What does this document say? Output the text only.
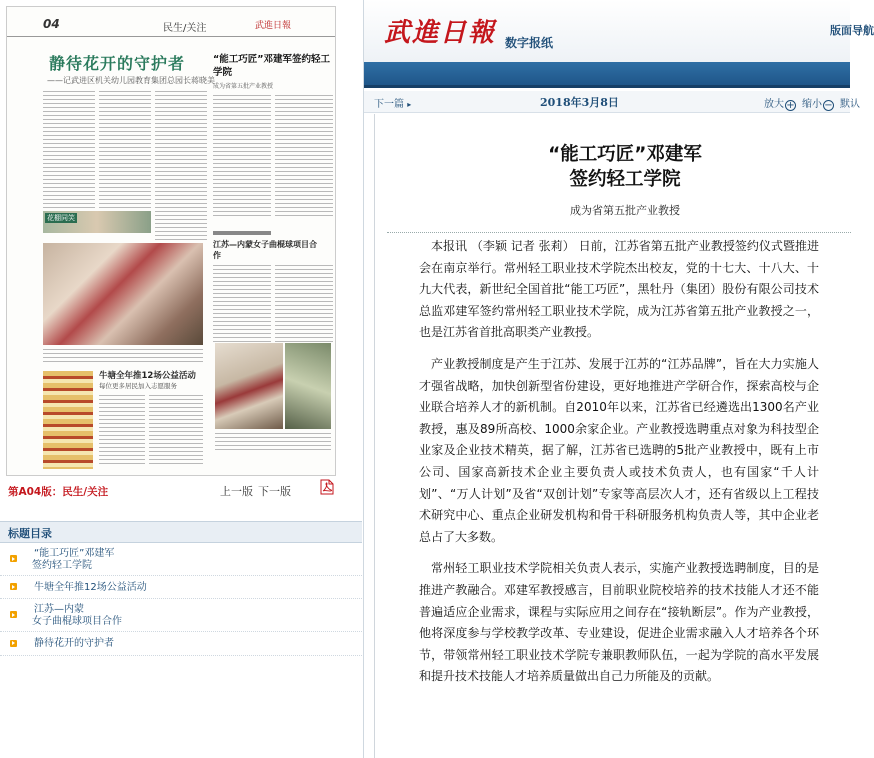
04	民生/关注	武進日報
静待花开的守护者
——记武进区机关幼儿园教育集团总园长蒋晓美
“能工巧匠”邓建军签约轻工学院
成为省第五批产业教授
花棚同笑
江苏—内蒙女子曲棍球项目合作
牛塘全年推12场公益活动
每位更多居民加入志愿服务
第A04版：民生/关注	上一版 下一版
标题目录
“能工巧匠”邓建军
签约轻工学院
牛塘全年推12场公益活动
江苏—内蒙
女子曲棍球项目合作
静待花开的守护者
武進日報 数字报纸
版面导航
下一篇 ▸	2018年3月8日	放大 + 缩小 − 默认
“能工巧匠”邓建军
签约轻工学院
成为省第五批产业教授

本报讯 （李颖 记者 张莉） 日前，江苏省第五批产业教授签约仪式暨推进会在南京举行。常州轻工职业技术学院杰出校友，党的十七大、十八大、十九大代表，新世纪全国首批“能工巧匠”，黑牡丹（集团）股份有限公司技术总监邓建军签约常州轻工职业技术学院，成为江苏省第五批产业教授之一，也是江苏省首批高职类产业教授。

产业教授制度是产生于江苏、发展于江苏的“江苏品牌”，旨在大力实施人才强省战略，加快创新型省份建设，更好地推进产学研合作，探索高校与企业联合培养人才的新机制。自2010年以来，江苏省已经遴选出1300名产业教授，惠及89所高校、1000余家企业。产业教授选聘重点对象为科技型企业家及企业技术精英，据了解，江苏省已选聘的5批产业教授中，既有上市公司、国家高新技术企业主要负责人或技术负责人，也有国家“千人计划”、“万人计划”及省“双创计划”专家等高层次人才，还有省级以上工程技术研究中心、重点企业研发机构和骨干科研服务机构负责人等，其中企业老总占了大多数。

常州轻工职业技术学院相关负责人表示，实施产业教授选聘制度，目的是推进产教融合。邓建军教授感言，目前职业院校培养的技术技能人才还不能普遍适应企业需求，课程与实际应用之间存在“接轨断层”。作为产业教授，他将深度参与学校教学改革、专业建设，促进企业需求融入人才培养各个环节，带领常州轻工职业技术学院专兼职教师队伍，一起为学院的高水平发展和提升技术技能人才培养质量做出自己力所能及的贡献。
